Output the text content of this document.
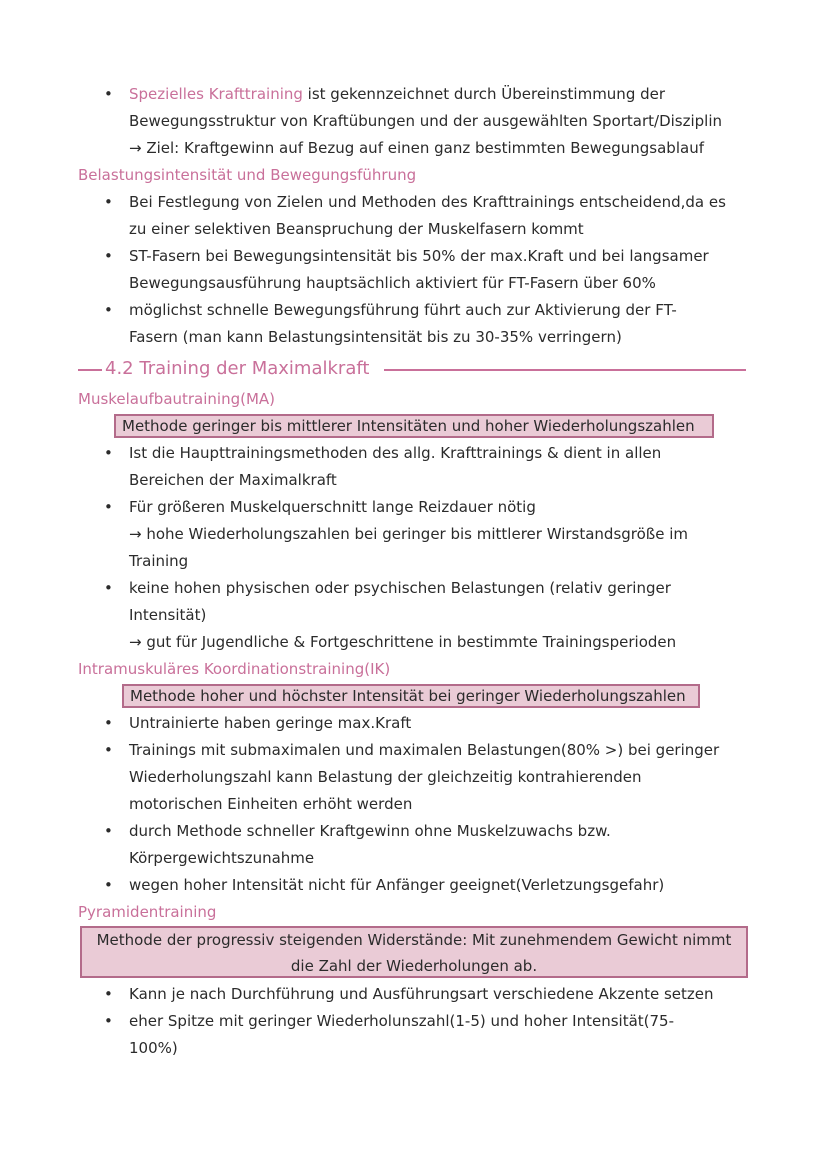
• Spezielles Krafttraining ist gekennzeichnet durch Übereinstimmung der
Bewegungsstruktur von Kraftübungen und der ausgewählten Sportart/Disziplin
→ Ziel: Kraftgewinn auf Bezug auf einen ganz bestimmten Bewegungsablauf
Belastungsintensität und Bewegungsführung
• Bei Festlegung von Zielen und Methoden des Krafttrainings entscheidend,da es
zu einer selektiven Beanspruchung der Muskelfasern kommt
• ST-Fasern bei Bewegungsintensität bis 50% der max.Kraft und bei langsamer
Bewegungsausführung hauptsächlich aktiviert für FT-Fasern über 60%
• möglichst schnelle Bewegungsführung führt auch zur Aktivierung der FT-
Fasern (man kann Belastungsintensität bis zu 30-35% verringern)
4.2 Training der Maximalkraft
Muskelaufbautraining(MA)
Methode geringer bis mittlerer Intensitäten und hoher Wiederholungszahlen
• Ist die Haupttrainingsmethoden des allg. Krafttrainings & dient in allen
Bereichen der Maximalkraft
• Für größeren Muskelquerschnitt lange Reizdauer nötig
→ hohe Wiederholungszahlen bei geringer bis mittlerer Wirstandsgröße im
Training
• keine hohen physischen oder psychischen Belastungen (relativ geringer
Intensität)
→ gut für Jugendliche & Fortgeschrittene in bestimmte Trainingsperioden
Intramuskuläres Koordinationstraining(IK)
Methode hoher und höchster Intensität bei geringer Wiederholungszahlen
• Untrainierte haben geringe max.Kraft
• Trainings mit submaximalen und maximalen Belastungen(80% >) bei geringer
Wiederholungszahl kann Belastung der gleichzeitig kontrahierenden
motorischen Einheiten erhöht werden
• durch Methode schneller Kraftgewinn ohne Muskelzuwachs bzw.
Körpergewichtszunahme
• wegen hoher Intensität nicht für Anfänger geeignet(Verletzungsgefahr)
Pyramidentraining
Methode der progressiv steigenden Widerstände: Mit zunehmendem Gewicht nimmt
die Zahl der Wiederholungen ab.
• Kann je nach Durchführung und Ausführungsart verschiedene Akzente setzen
• eher Spitze mit geringer Wiederholunszahl(1-5) und hoher Intensität(75-
100%)
